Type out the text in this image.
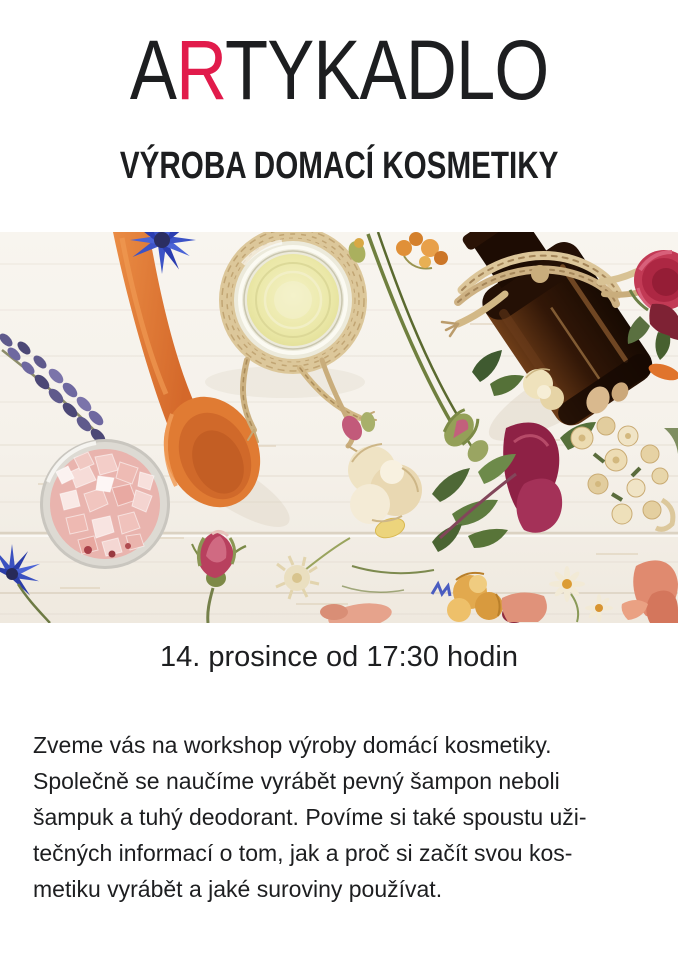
ARTYKADLO
VÝROBA DOMACÍ KOSMETIKY
14. prosince od 17:30 hodin
Zveme vás na workshop výroby domácí kosmetiky.
Společně se naučíme vyrábět pevný šampon neboli
šampuk a tuhý deodorant. Povíme si také spoustu uži-
tečných informací o tom, jak a proč si začít svou kos-
metiku vyrábět a jaké suroviny používat.
